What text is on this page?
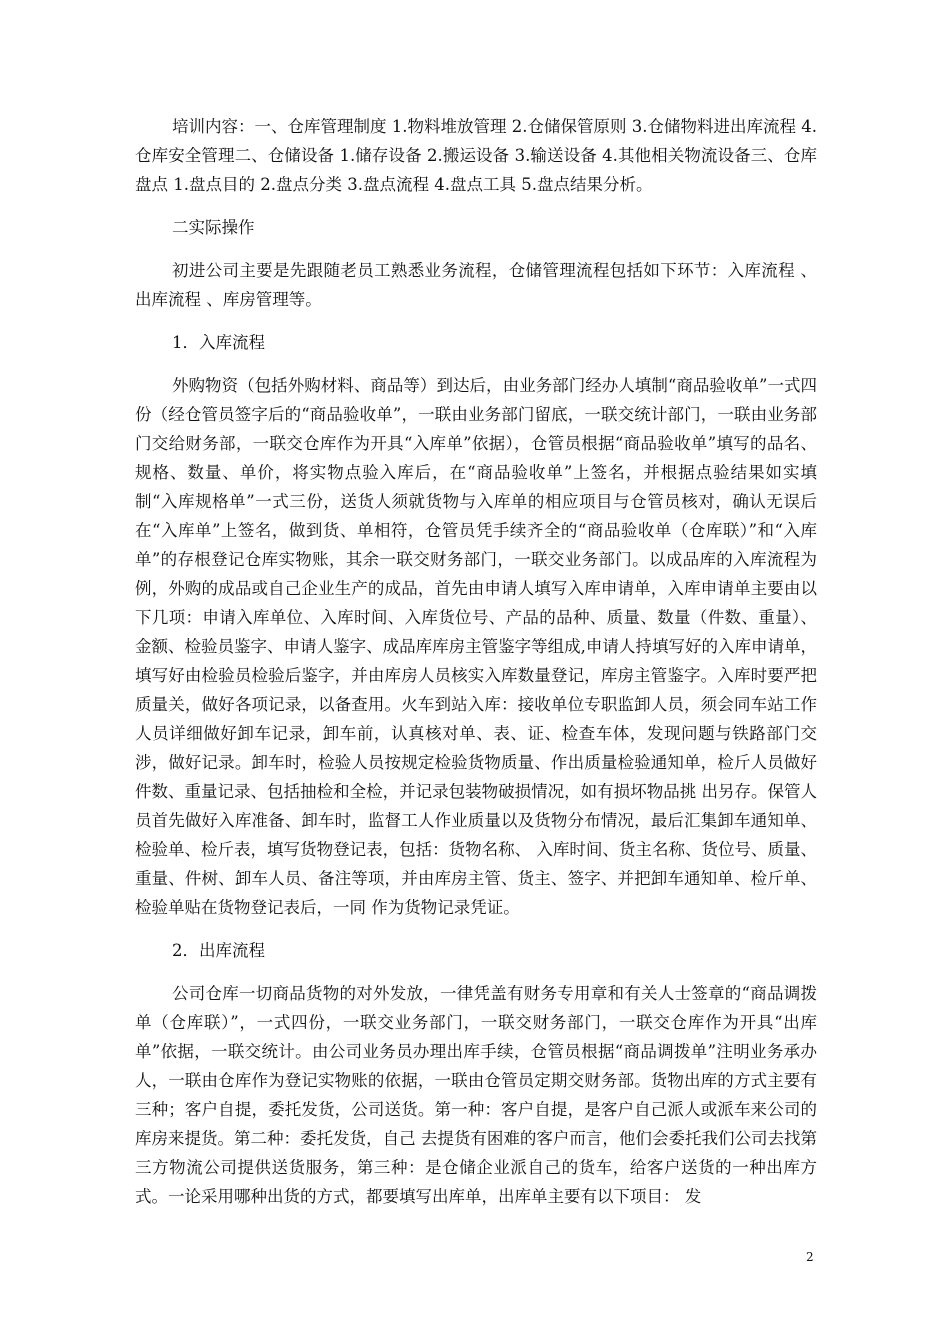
培训内容：一、仓库管理制度 1.物料堆放管理 2.仓储保管原则 3.仓储物料进出库流程 4.仓库安全管理二、仓储设备 1.储存设备 2.搬运设备 3.输送设备 4.其他相关物流设备三、仓库盘点 1.盘点目的 2.盘点分类 3.盘点流程 4.盘点工具 5.盘点结果分析。

二实际操作

初进公司主要是先跟随老员工熟悉业务流程，仓储管理流程包括如下环节：入库流程 、出库流程 、库房管理等。

1．入库流程

外购物资（包括外购材料、商品等）到达后，由业务部门经办人填制“商品验收单”一式四份（经仓管员签字后的“商品验收单”，一联由业务部门留底，一联交统计部门，一联由业务部门交给财务部，一联交仓库作为开具“入库单”依据），仓管员根据“商品验收单”填写的品名、规格、数量、单价，将实物点验入库后，在“商品验收单”上签名，并根据点验结果如实填制“入库规格单”一式三份，送货人须就货物与入库单的相应项目与仓管员核对，确认无误后在“入库单”上签名，做到货、单相符，仓管员凭手续齐全的“商品验收单（仓库联）”和“入库单”的存根登记仓库实物账，其余一联交财务部门，一联交业务部门。以成品库的入库流程为例，外购的成品或自己企业生产的成品，首先由申请人填写入库申请单，入库申请单主要由以下几项：申请入库单位、入库时间、入库货位号、产品的品种、质量、数量（件数、重量）、金额、检验员鉴字、申请人鉴字、成品库库房主管鉴字等组成,申请人持填写好的入库申请单，填写好由检验员检验后鉴字，并由库房人员核实入库数量登记，库房主管鉴字。入库时要严把质量关，做好各项记录，以备查用。火车到站入库：接收单位专职监卸人员，须会同车站工作人员详细做好卸车记录，卸车前，认真核对单、表、证、检查车体，发现问题与铁路部门交涉，做好记录。卸车时，检验人员按规定检验货物质量、作出质量检验通知单，检斤人员做好件数、重量记录、包括抽检和全检，并记录包装物破损情况，如有损坏物品挑 出另存。保管人员首先做好入库准备、卸车时，监督工人作业质量以及货物分布情况，最后汇集卸车通知单、检验单、检斤表，填写货物登记表，包括：货物名称、 入库时间、货主名称、货位号、质量、重量、件树、卸车人员、备注等项，并由库房主管、货主、签字、并把卸车通知单、检斤单、检验单贴在货物登记表后，一同 作为货物记录凭证。

2．出库流程

公司仓库一切商品货物的对外发放，一律凭盖有财务专用章和有关人士签章的“商品调拨单（仓库联）”，一式四份，一联交业务部门，一联交财务部门，一联交仓库作为开具“出库单”依据，一联交统计。由公司业务员办理出库手续，仓管员根据“商品调拨单”注明业务承办人，一联由仓库作为登记实物账的依据，一联由仓管员定期交财务部。货物出库的方式主要有三种；客户自提，委托发货，公司送货。第一种：客户自提，是客户自己派人或派车来公司的库房来提货。第二种：委托发货，自己 去提货有困难的客户而言，他们会委托我们公司去找第三方物流公司提供送货服务，第三种：是仓储企业派自己的货车，给客户送货的一种出库方式。一论采用哪种出货的方式，都要填写出库单，出库单主要有以下项目： 发

2
